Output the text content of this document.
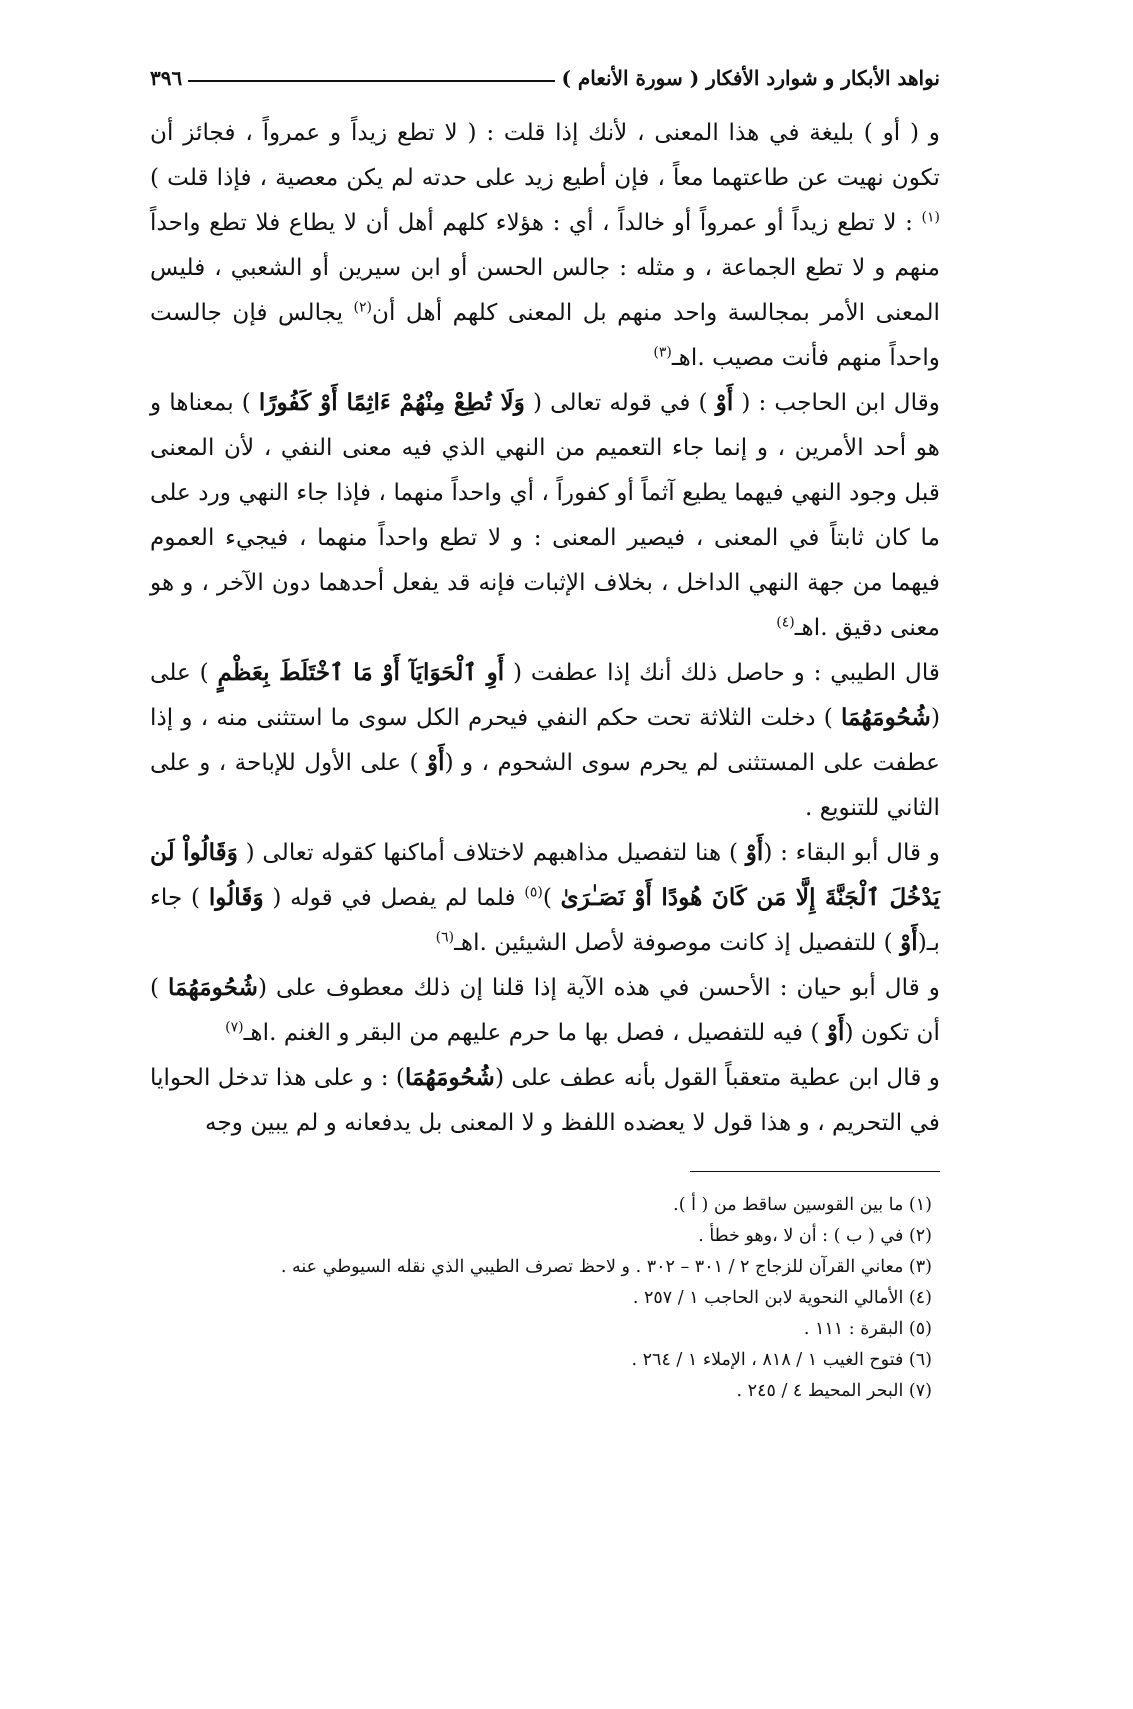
نواهد الأبكار و شوارد الأفكار ( سورة الأنعام )
٣٩٦

و ( أو ) بليغة في هذا المعنى ، لأنك إذا قلت : ( لا تطع زيداً و عمرواً ، فجائز أن تكون نهيت عن طاعتهما معاً ، فإن أطيع زيد على حدته لم يكن معصية ، فإذا قلت )$^{(١)}$ : لا تطع زيداً أو عمرواً أو خالداً ، أي : هؤلاء كلهم أهل أن لا يطاع فلا تطع واحداً منهم و لا تطع الجماعة ، و مثله : جالس الحسن أو ابن سيرين أو الشعبي ، فليس المعنى الأمر بمجالسة واحد منهم بل المعنى كلهم أهل أن$^{(٢)}$ يجالس فإن جالست واحداً منهم فأنت مصيب .اهـ$^{(٣)}$

وقال ابن الحاجب : ( أَوْ ) في قوله تعالى ( وَلَا تُطِعْ مِنْهُمْ ءَاثِمًا أَوْ كَفُورًا ) بمعناها و هو أحد الأمرين ، و إنما جاء التعميم من النهي الذي فيه معنى النفي ، لأن المعنى قبل وجود النهي فيهما يطيع آثماً أو كفوراً ، أي واحداً منهما ، فإذا جاء النهي ورد على ما كان ثابتاً في المعنى ، فيصير المعنى : و لا تطع واحداً منهما ، فيجيء العموم فيهما من جهة النهي الداخل ، بخلاف الإثبات فإنه قد يفعل أحدهما دون الآخر ، و هو معنى دقيق .اهـ$^{(٤)}$

قال الطيبي : و حاصل ذلك أنك إذا عطفت ( أَوِ ٱلْحَوَايَآ أَوْ مَا ٱخْتَلَطَ بِعَظْمٍ ) على (شُحُومَهُمَا ) دخلت الثلاثة تحت حكم النفي فيحرم الكل سوى ما استثنى منه ، و إذا عطفت على المستثنى لم يحرم سوى الشحوم ، و (أَوْ ) على الأول للإباحة ، و على الثاني للتنويع .

و قال أبو البقاء : (أَوْ ) هنا لتفصيل مذاهبهم لاختلاف أماكنها كقوله تعالى ( وَقَالُواْ لَن يَدْخُلَ ٱلْجَنَّةَ إِلَّا مَن كَانَ هُودًا أَوْ نَصَـٰرَىٰ )$^{(٥)}$ فلما لم يفصل في قوله ( وَقَالُوا ) جاء بـ(أَوْ ) للتفصيل إذ كانت موصوفة لأصل الشيئين .اهـ$^{(٦)}$

و قال أبو حيان : الأحسن في هذه الآية إذا قلنا إن ذلك معطوف على (شُحُومَهُمَا ) أن تكون (أَوْ ) فيه للتفصيل ، فصل بها ما حرم عليهم من البقر و الغنم .اهـ$^{(٧)}$

و قال ابن عطية متعقباً القول بأنه عطف على (شُحُومَهُمَا) : و على هذا تدخل الحوايا في التحريم ، و هذا قول لا يعضده اللفظ و لا المعنى بل يدفعانه و لم يبين وجه

(١) ما بين القوسين ساقط من ( أ ).

(٢) في ( ب ) : أن لا ،وهو خطأ .

(٣) معاني القرآن للزجاج ٢ / ٣٠١ – ٣٠٢ . و لاحظ تصرف الطيبي الذي نقله السيوطي عنه .

(٤) الأمالي النحوية لابن الحاجب ١ / ٢٥٧ .

(٥) البقرة : ١١١ .

(٦) فتوح الغيب ١ / ٨١٨ ، الإملاء ١ / ٢٦٤ .

(٧) البحر المحيط ٤ / ٢٤٥ .
